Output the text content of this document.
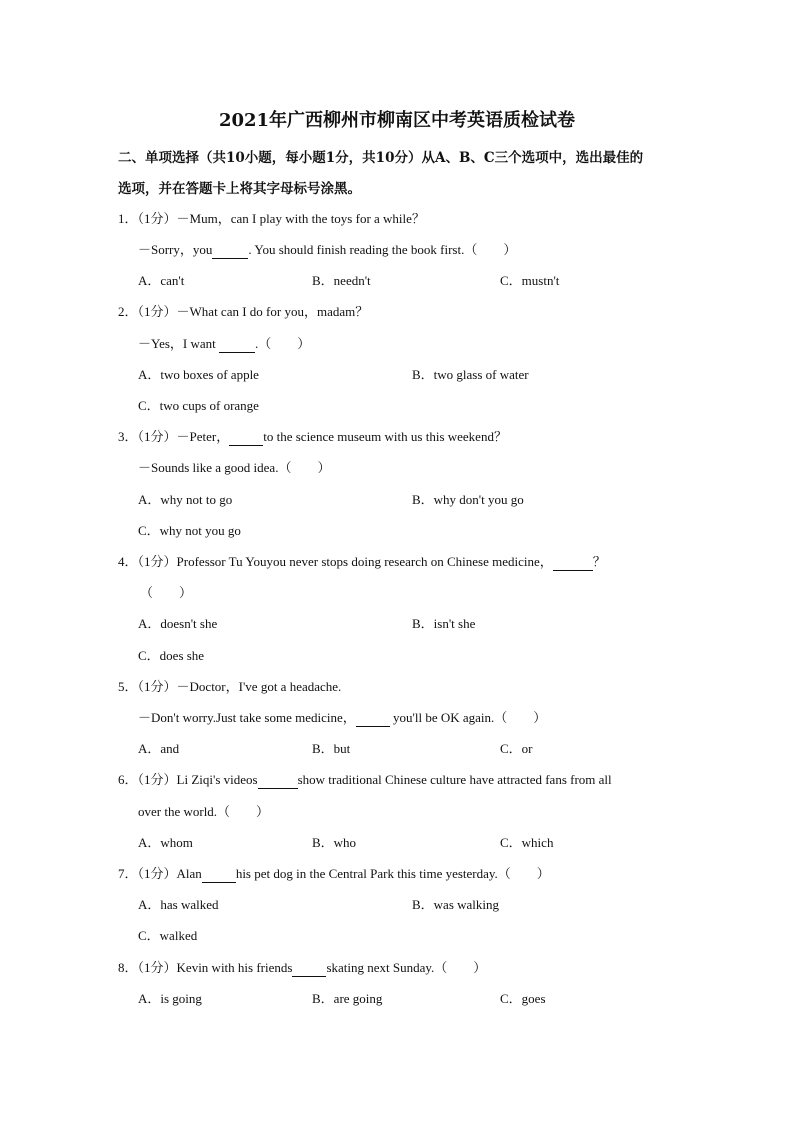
2021年广西柳州市柳南区中考英语质检试卷
二、单项选择（共10小题，每小题1分，共10分）从A、B、C三个选项中，选出最佳的
选项，并在答题卡上将其字母标号涂黑。
1．（1分）－Mum，can I play with the toys for a while？
－Sorry，you	. You should finish reading the book first.（　　）
A．can't	B．needn't	C．mustn't
2．（1分）－What can I do for you，madam？
－Yes，I want	.（　　）
A．two boxes of apple	B．two glass of water
C．two cups of orange
3．（1分）－Peter，	to the science museum with us this weekend？
－Sounds like a good idea.（　　）
A．why not to go	B．why don't you go
C．why not you go
4．（1分）Professor Tu Youyou never stops doing research on Chinese medicine，	？
（　　）
A．doesn't she	B．isn't she
C．does she
5．（1分）－Doctor，I've got a headache.
－Don't worry.Just take some medicine，	you'll be OK again.（　　）
A．and	B．but	C．or
6．（1分）Li Ziqi's videos	show traditional Chinese culture have attracted fans from all
over the world.（　　）
A．whom	B．who	C．which
7．（1分）Alan	his pet dog in the Central Park this time yesterday.（　　）
A．has walked	B．was walking
C．walked
8．（1分）Kevin with his friends	skating next Sunday.（　　）
A．is going	B．are going	C．goes
